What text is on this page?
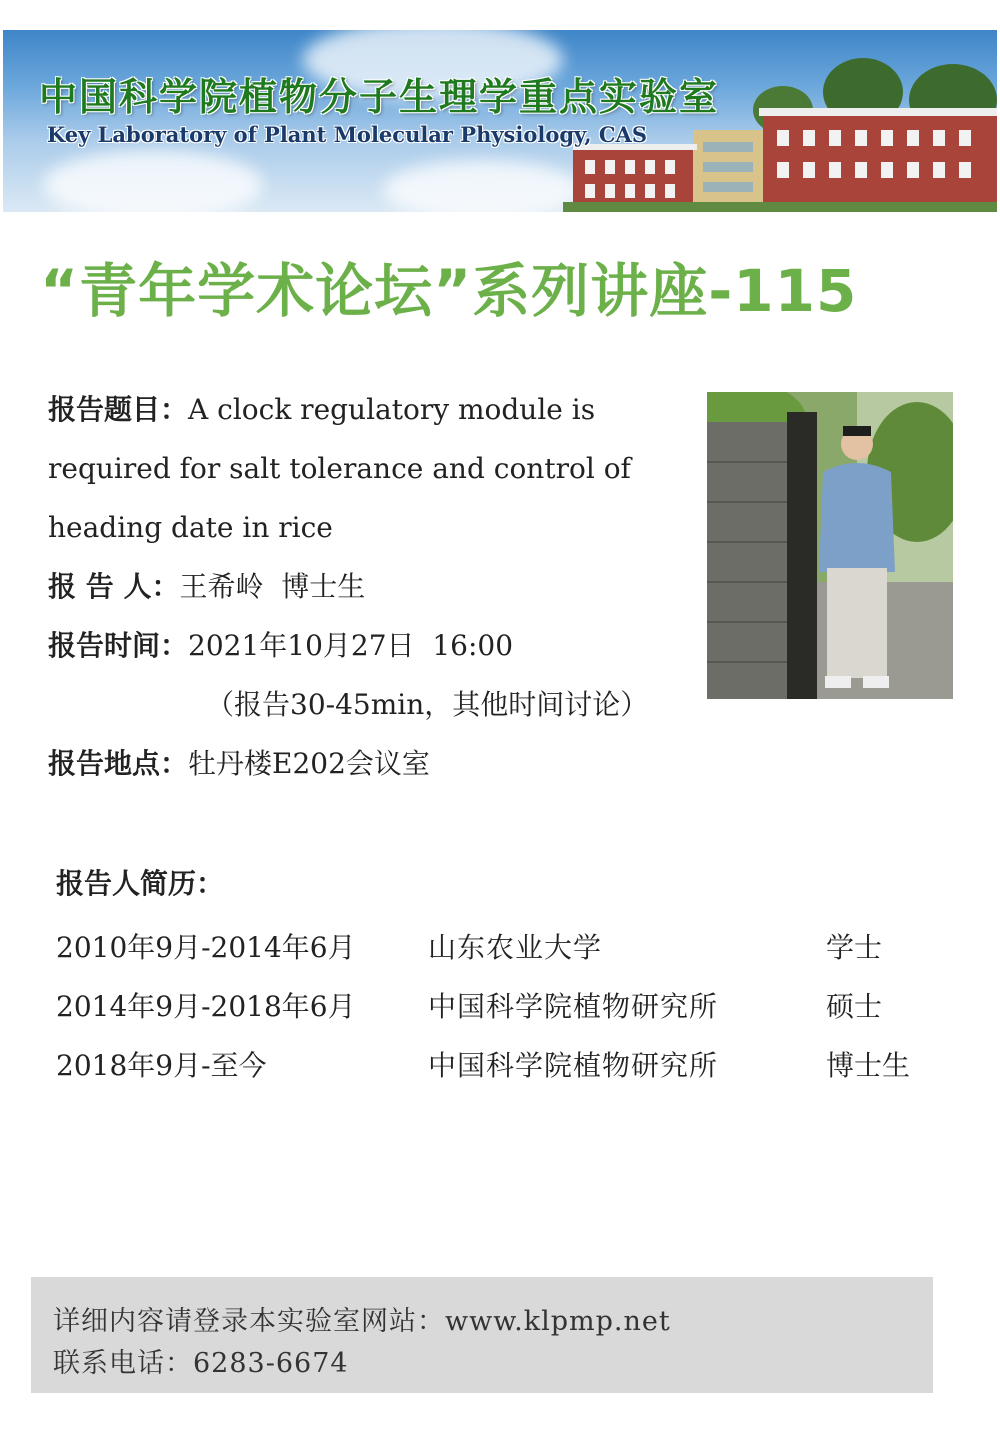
中国科学院植物分子生理学重点实验室

Key Laboratory of Plant Molecular Physiology, CAS

“青年学术论坛”系列讲座-115
报告题目：A clock regulatory module is
required for salt tolerance and control of
heading date in rice
报 告 人：王希岭  博士生
报告时间：2021年10月27日  16:00
（报告30-45min，其他时间讨论）
报告地点：牡丹楼E202会议室
报告人简历：
2010年9月-2014年6月	山东农业大学	学士
2014年9月-2018年6月	中国科学院植物研究所	硕士
2018年9月-至今	中国科学院植物研究所	博士生
详细内容请登录本实验室网站：www.klpmp.net
联系电话：6283-6674
